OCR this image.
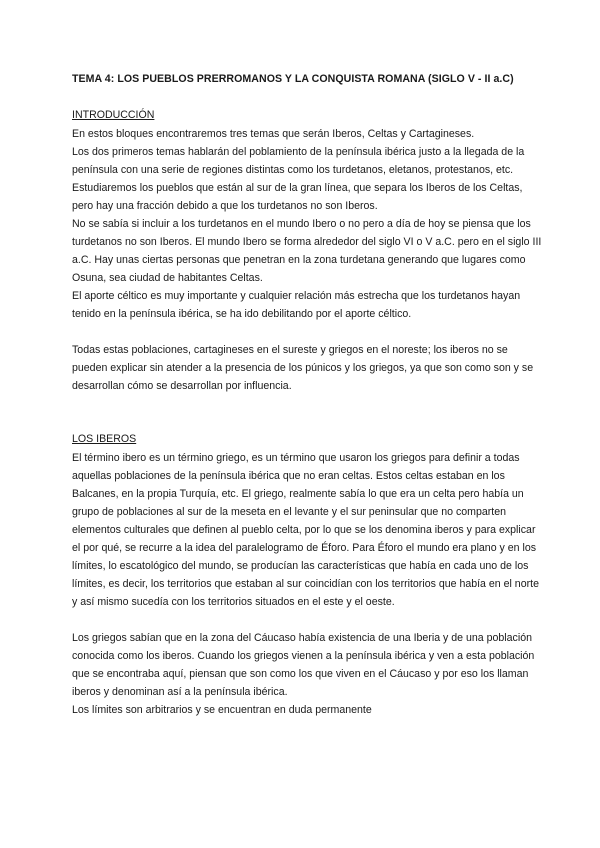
TEMA 4: LOS PUEBLOS PRERROMANOS Y LA CONQUISTA ROMANA (SIGLO V - II a.C)

INTRODUCCIÓN

En estos bloques encontraremos tres temas que serán Iberos, Celtas y Cartagineses.

Los dos primeros temas hablarán del poblamiento de la península ibérica justo a la llegada de la península con una serie de regiones distintas como los turdetanos, eletanos, protestanos, etc.

Estudiaremos los pueblos que están al sur de la gran línea, que separa los Iberos de los Celtas, pero hay una fracción debido a que los turdetanos no son Iberos.

No se sabía si incluir a los turdetanos en el mundo Ibero o no pero a día de hoy se piensa que los turdetanos no son Iberos. El mundo Ibero se forma alrededor del siglo VI o V a.C. pero en el siglo III a.C. Hay unas ciertas personas que penetran en la zona turdetana generando que lugares como Osuna, sea ciudad de habitantes Celtas.

El aporte céltico es muy importante y cualquier relación más estrecha que los turdetanos hayan tenido en la península ibérica, se ha ido debilitando por el aporte céltico.

Todas estas poblaciones, cartagineses en el sureste y griegos en el noreste; los iberos no se pueden explicar sin atender a la presencia de los púnicos y los griegos, ya que son como son y se desarrollan cómo se desarrollan por influencia.

LOS IBEROS

El término ibero es un término griego, es un término que usaron los griegos para definir a todas aquellas poblaciones de la península ibérica que no eran celtas. Estos celtas estaban en los Balcanes, en la propia Turquía, etc. El griego, realmente sabía lo que era un celta pero había un grupo de poblaciones al sur de la meseta en el levante y el sur peninsular que no comparten elementos culturales que definen al pueblo celta, por lo que se los denomina iberos y para explicar el por qué, se recurre a la idea del paralelogramo de Éforo. Para Éforo el mundo era plano y en los límites, lo escatológico del mundo, se producían las características que había en cada uno de los límites, es decir, los territorios que estaban al sur coincidían con los territorios que había en el norte y así mismo sucedía con los territorios situados en el este y el oeste.

Los griegos sabían que en la zona del Cáucaso había existencia de una Iberia y de una población conocida como los iberos. Cuando los griegos vienen a la península ibérica y ven a esta población que se encontraba aquí, piensan que son como los que viven en el Cáucaso y por eso los llaman iberos y denominan así a la península ibérica.

Los límites son arbitrarios y se encuentran en duda permanente
